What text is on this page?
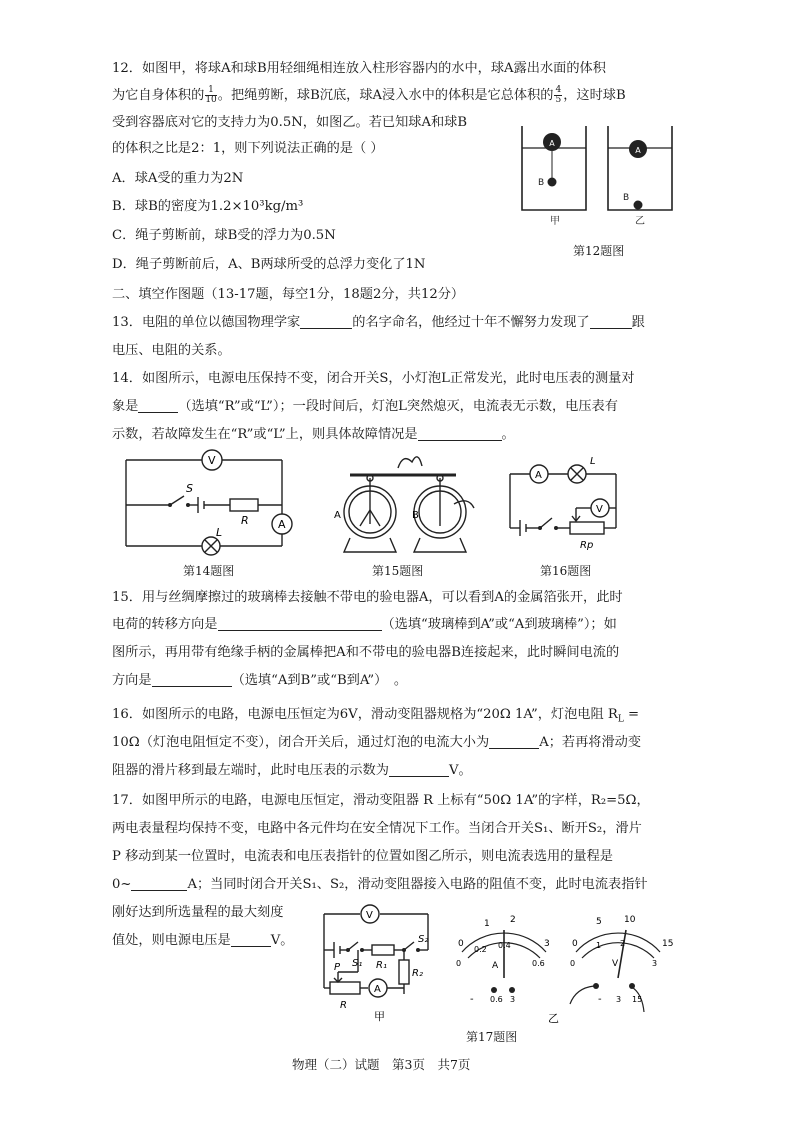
12．如图甲，将球A和球B用轻细绳相连放入柱形容器内的水中，球A露出水面的体积
为它自身体积的 $\frac{1}{10}$ 。把绳剪断，球B沉底，球A浸入水中的体积是它总体积的 $\frac{4}{5}$ ，这时球B
受到容器底对它的支持力为0.5N，如图乙。若已知球A和球B
的体积之比是2：1，则下列说法正确的是（ ）
A．球A受的重力为2N
B．球B的密度为1.2×10³kg/m³
C．绳子剪断前，球B受的浮力为0.5N
D．绳子剪断前后，A、B两球所受的总浮力变化了1N
A
B
甲
A
B
乙
第12题图
二、填空作图题（13-17题，每空1分，18题2分，共12分）
13．电阻的单位以德国物理学家	的名字命名，他经过十年不懈努力发现了	跟
电压、电阻的关系。
14．如图所示，电源电压保持不变，闭合开关S，小灯泡L正常发光，此时电压表的测量对
象是	（选填“R”或“L”）；一段时间后，灯泡L突然熄灭，电流表无示数，电压表有
示数，若故障发生在“R”或“L”上，则具体故障情况是	。
V
A
S
R
L
第14题图
A	B
第15题图
A
V
L
Rp
第16题图
15．用与丝绸摩擦过的玻璃棒去接触不带电的验电器A，可以看到A的金属箔张开，此时
电荷的转移方向是	（选填“玻璃棒到A”或“A到玻璃棒”）；如
图所示，再用带有绝缘手柄的金属棒把A和不带电的验电器B连接起来，此时瞬间电流的
方向是	（选填“A到B”或“B到A”）　。
16．如图所示的电路，电源电压恒定为6V，滑动变阻器规格为“20Ω 1A”，灯泡电阻 $R_L$ =
10Ω（灯泡电阻恒定不变），闭合开关后，通过灯泡的电流大小为	A；若再将滑动变
阻器的滑片移到最左端时，此时电压表的示数为	V。
17．如图甲所示的电路，电源电压恒定，滑动变阻器 R 上标有“50Ω 1A”的字样，R₂=5Ω，
两电表量程均保持不变，电路中各元件均在安全情况下工作。当闭合开关S₁、断开S₂，滑片
P 移动到某一位置时，电流表和电压表指针的位置如图乙所示，则电流表选用的量程是
0~	A；当同时闭合开关S₁、S₂，滑动变阻器接入电路的阻值不变，此时电流表指针
刚好达到所选量程的最大刻度
值处，则电源电压是	V。
V
A
S₁
S₂
R₁
R₂
R
P
甲
0
1 2
3
0
0.2 0.4
0.6
A
- 0.6 3
0
5 10
15
0
1 2
3
V
- 3 15
乙
第17题图
物理（二）试题　第3页　共7页
